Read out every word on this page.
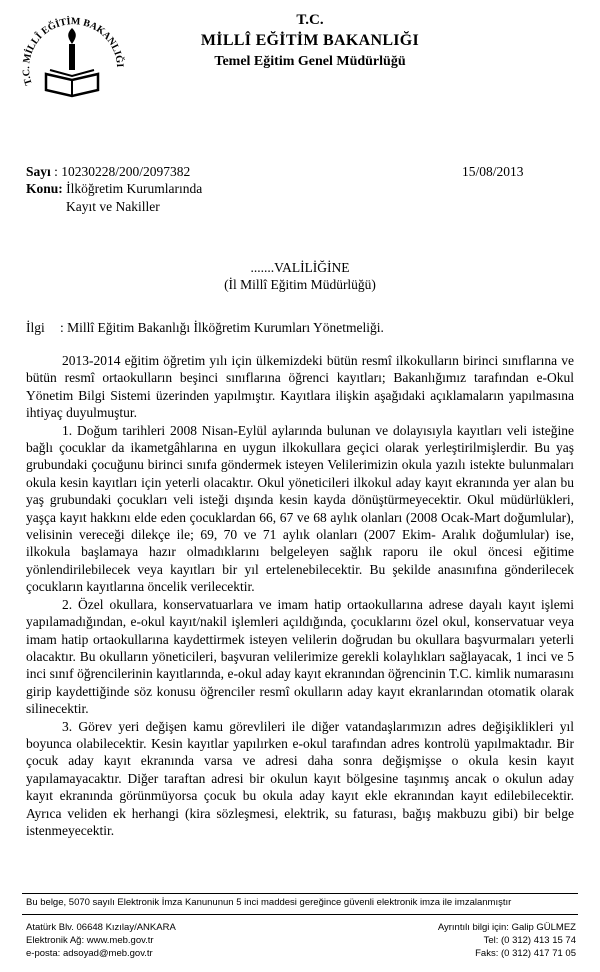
T.C. MİLLÎ EĞİTİM BAKANLIĞI
T.C.
MİLLÎ EĞİTİM BAKANLIĞI
Temel Eğitim Genel Müdürlüğü
Sayı : 10230228/200/2097382	15/08/2013
Konu: İlköğretim Kurumlarında
Kayıt ve Nakiller
.......VALİLİĞİNE
(İl Millî Eğitim Müdürlüğü)
İlgi : Millî Eğitim Bakanlığı İlköğretim Kurumları Yönetmeliği.

2013-2014 eğitim öğretim yılı için ülkemizdeki bütün resmî ilkokulların birinci sınıflarına ve bütün resmî ortaokulların beşinci sınıflarına öğrenci kayıtları; Bakanlığımız tarafından e-Okul Yönetim Bilgi Sistemi üzerinden yapılmıştır. Kayıtlara ilişkin aşağıdaki açıklamaların yapılmasına ihtiyaç duyulmuştur.

1. Doğum tarihleri 2008 Nisan-Eylül aylarında bulunan ve dolayısıyla kayıtları veli isteğine bağlı çocuklar da ikametgâhlarına en uygun ilkokullara geçici olarak yerleştirilmişlerdir. Bu yaş grubundaki çocuğunu birinci sınıfa göndermek isteyen Velilerimizin okula yazılı istekte bulunmaları okula kesin kayıtları için yeterli olacaktır. Okul yöneticileri ilkokul aday kayıt ekranında yer alan bu yaş grubundaki çocukları veli isteği dışında kesin kayda dönüştürmeyecektir. Okul müdürlükleri, yaşça kayıt hakkını elde eden çocuklardan 66, 67 ve 68 aylık olanları (2008 Ocak-Mart doğumlular), velisinin vereceği dilekçe ile; 69, 70 ve 71 aylık olanları (2007 Ekim- Aralık doğumlular) ise, ilkokula başlamaya hazır olmadıklarını belgeleyen sağlık raporu ile okul öncesi eğitime yönlendirilebilecek veya kayıtları bir yıl ertelenebilecektir. Bu şekilde anasınıfına gönderilecek çocukların kayıtlarına öncelik verilecektir.

2. Özel okullara, konservatuarlara ve imam hatip ortaokullarına adrese dayalı kayıt işlemi yapılamadığından, e-okul kayıt/nakil işlemleri açıldığında, çocuklarını özel okul, konservatuar veya imam hatip ortaokullarına kaydettirmek isteyen velilerin doğrudan bu okullara başvurmaları yeterli olacaktır. Bu okulların yöneticileri, başvuran velilerimize gerekli kolaylıkları sağlayacak, 1 inci ve 5 inci sınıf öğrencilerinin kayıtlarında, e-okul aday kayıt ekranından öğrencinin T.C. kimlik numarasını girip kaydettiğinde söz konusu öğrenciler resmî okulların aday kayıt ekranlarından otomatik olarak silinecektir.

3. Görev yeri değişen kamu görevlileri ile diğer vatandaşlarımızın adres değişiklikleri yıl boyunca olabilecektir. Kesin kayıtlar yapılırken e-okul tarafından adres kontrolü yapılmaktadır. Bir çocuk aday kayıt ekranında varsa ve adresi daha sonra değişmişse o okula kesin kayıt yapılamayacaktır. Diğer taraftan adresi bir okulun kayıt bölgesine taşınmış ancak o okulun aday kayıt ekranında görünmüyorsa çocuk bu okula aday kayıt ekle ekranından kayıt edilebilecektir. Ayrıca veliden ek herhangi (kira sözleşmesi, elektrik, su faturası, bağış makbuzu gibi) bir belge istenmeyecektir.

Bu belge, 5070 sayılı Elektronik İmza Kanununun 5 inci maddesi gereğince güvenli elektronik imza ile imzalanmıştır
Atatürk Blv. 06648 Kızılay/ANKARA
Elektronik Ağ: www.meb.gov.tr
e-posta: adsoyad@meb.gov.tr
Ayrıntılı bilgi için: Galip GÜLMEZ
Tel: (0 312) 413 15 74
Faks: (0 312) 417 71 05
